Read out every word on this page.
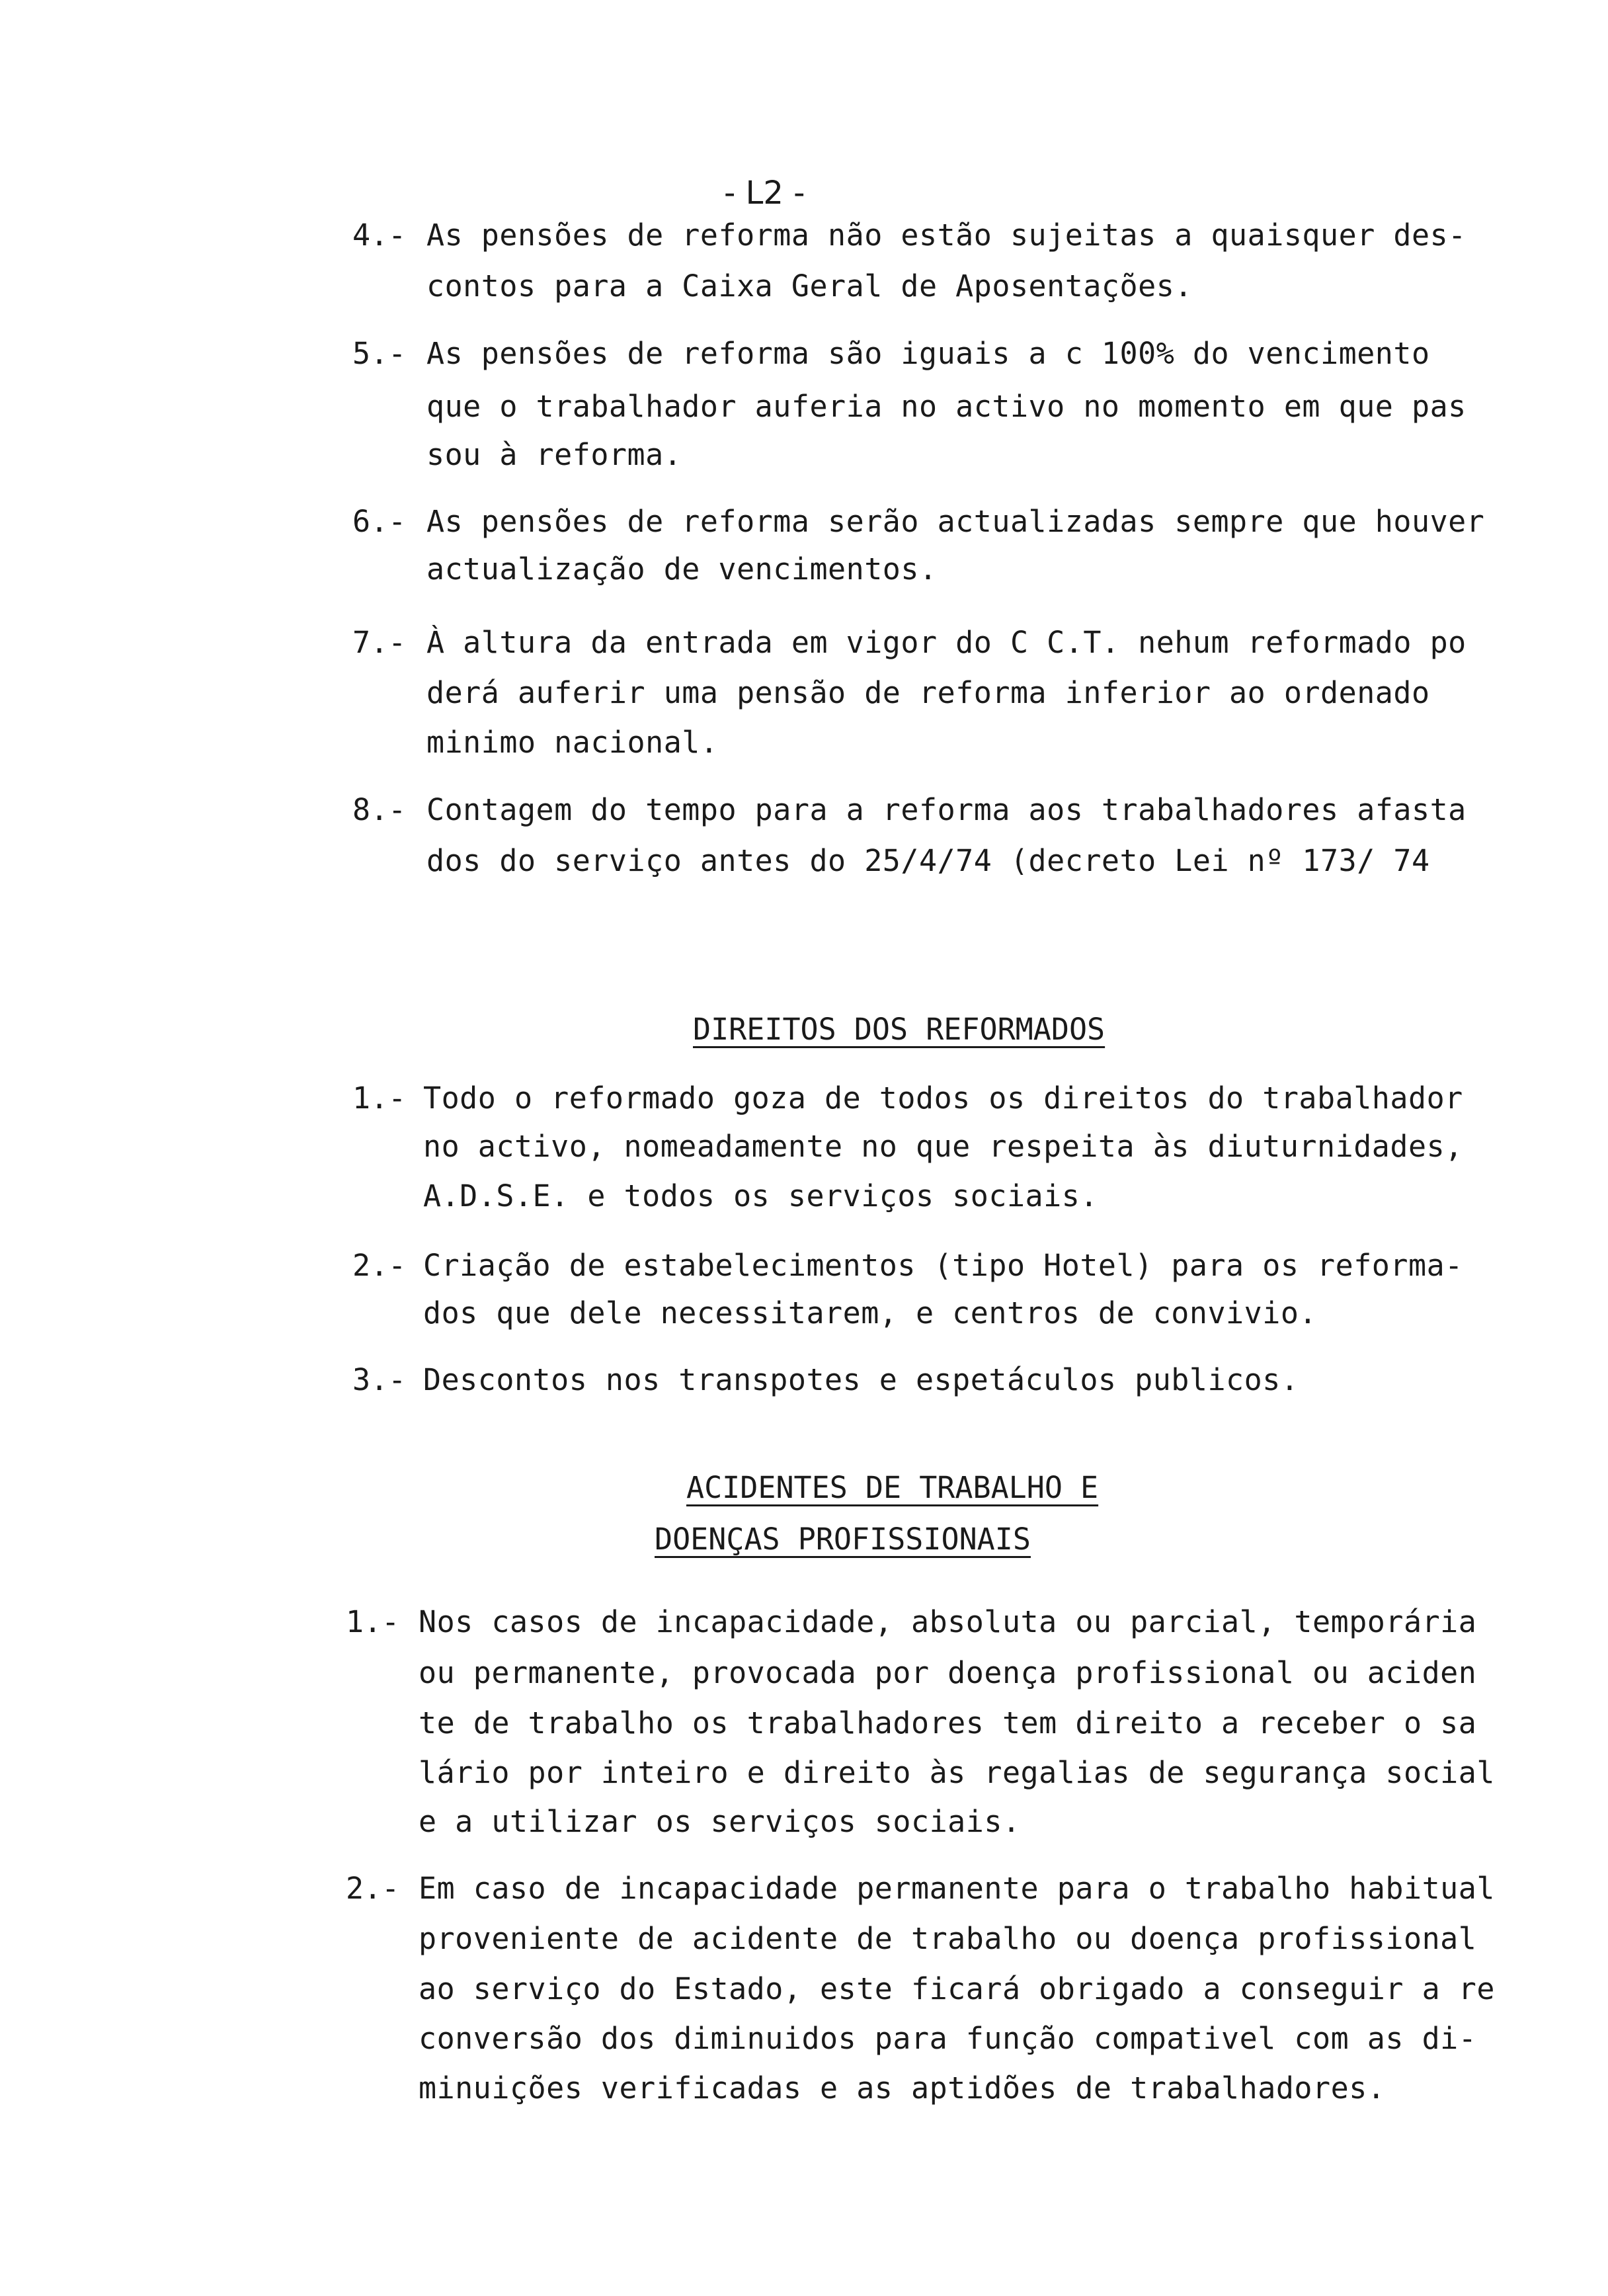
- L2 -
4.- As pensões de reforma não estão sujeitas a quaisquer des-
contos para a Caixa Geral de Aposentações.
5.- As pensões de reforma são iguais a c 100% do vencimento
que o trabalhador auferia no activo no momento em que pas
sou à reforma.
6.- As pensões de reforma serão actualizadas sempre que houver
actualização de vencimentos.
7.- À altura da entrada em vigor do C C.T. nehum reformado po
derá auferir uma pensão de reforma inferior ao ordenado
minimo nacional.
8.- Contagem do tempo para a reforma aos trabalhadores afasta
dos do serviço antes do 25/4/74 (decreto Lei nº 173/ 74
DIREITOS DOS REFORMADOS
1.- Todo o reformado goza de todos os direitos do trabalhador
no activo, nomeadamente no que respeita às diuturnidades,
A.D.S.E. e todos os serviços sociais.
2.- Criação de estabelecimentos (tipo Hotel) para os reforma-
dos que dele necessitarem, e centros de convivio.
3.- Descontos nos transpotes e espetáculos publicos.
ACIDENTES DE TRABALHO E
DOENÇAS PROFISSIONAIS
1.- Nos casos de incapacidade, absoluta ou parcial, temporária
ou permanente, provocada por doença profissional ou aciden
te de trabalho os trabalhadores tem direito a receber o sa
lário por inteiro e direito às regalias de segurança social
e a utilizar os serviços sociais.
2.- Em caso de incapacidade permanente para o trabalho habitual
proveniente de acidente de trabalho ou doença profissional
ao serviço do Estado, este ficará obrigado a conseguir a re
conversão dos diminuidos para função compativel com as di-
minuições verificadas e as aptidões de trabalhadores.
